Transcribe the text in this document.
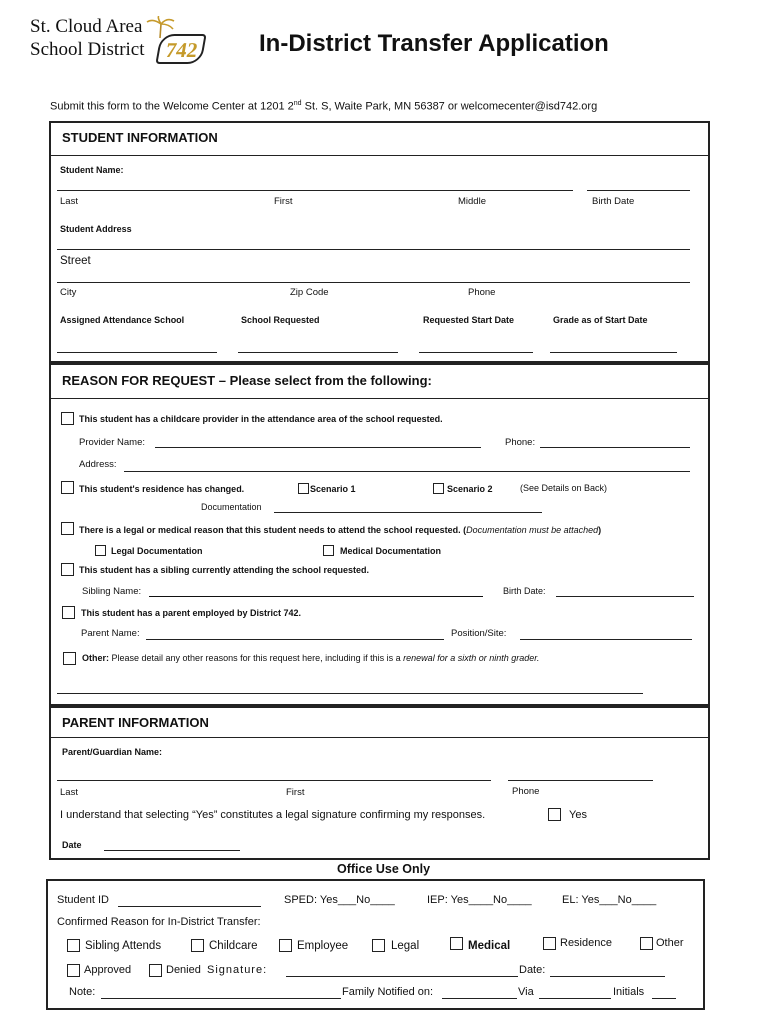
St. Cloud Area
School District 742 In-District Transfer Application
Submit this form to the Welcome Center at 1201 2nd St. S, Waite Park, MN 56387 or welcomecenter@isd742.org
STUDENT INFORMATION
Student Name:
Last	First	Middle	Birth Date
Student Address
Street
City	Zip Code	Phone
Assigned Attendance School	School Requested	Requested Start Date	Grade as of Start Date
REASON FOR REQUEST – Please select from the following:
This student has a childcare provider in the attendance area of the school requested.
Provider Name:	Phone:
Address:
This student's residence has changed.	Scenario 1	Scenario 2	(See Details on Back)
Documentation
There is a legal or medical reason that this student needs to attend the school requested. (Documentation must be attached)
Legal Documentation	Medical Documentation
This student has a sibling currently attending the school requested.
Sibling Name:	Birth Date:
This student has a parent employed by District 742.
Parent Name:	Position/Site:
Other: Please detail any other reasons for this request here, including if this is a renewal for a sixth or ninth grader.
PARENT INFORMATION
Parent/Guardian Name:
Last	First	Phone
I understand that selecting “Yes” constitutes a legal signature confirming my responses.	Yes
Date
Office Use Only
Student ID	SPED: Yes___No____	IEP: Yes____No____	EL: Yes___No____
Confirmed Reason for In-District Transfer:
Sibling Attends	Childcare	Employee	Legal	Medical	Residence	Other
Approved	Denied Signature:	Date:
Note:	Family Notified on:	Via	Initials
